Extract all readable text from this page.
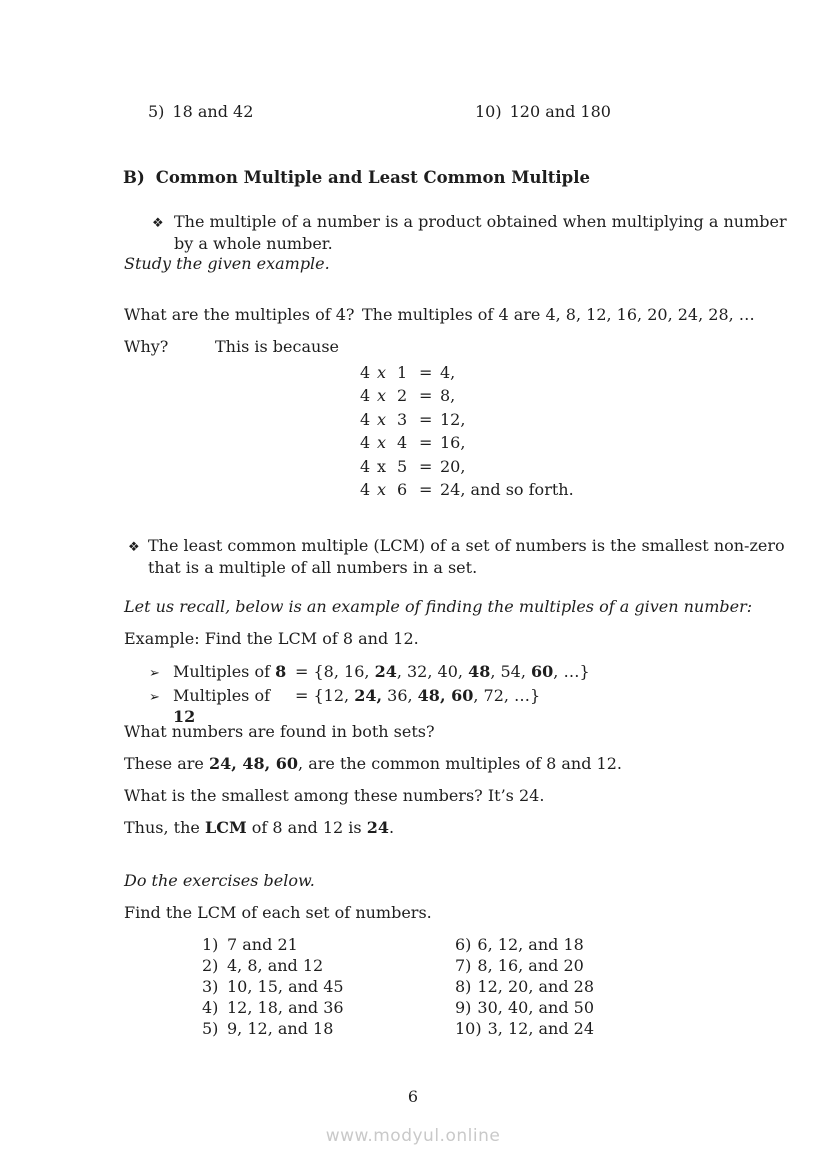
5) 18 and 42	10) 120 and 180
B) Common Multiple and Least Common Multiple
❖ The multiple of a number is a product obtained when multiplying a number
by a whole number.
Study the given example.
What are the multiples of 4? The multiples of 4 are 4, 8, 12, 16, 20, 24, 28, …
Why?	This is because
4 x 1 = 4,
4 x 2 = 8,
4 x 3 = 12,
4 x 4 = 16,
4 x 5 = 20,
4 x 6 = 24, and so forth.
❖ The least common multiple (LCM) of a set of numbers is the smallest non-zero
that is a multiple of all numbers in a set.
Let us recall, below is an example of finding the multiples of a given number:
Example: Find the LCM of 8 and 12.
➢ Multiples of 8 = {8, 16, 24, 32, 40, 48, 54, 60, …}
➢ Multiples of 12
= {12, 24, 36, 48, 60, 72, …}
What numbers are found in both sets?
These are 24, 48, 60, are the common multiples of 8 and 12.
What is the smallest among these numbers? It’s 24.
Thus, the LCM of 8 and 12 is 24.
Do the exercises below.
Find the LCM of each set of numbers.
1) 7 and 21
2) 4, 8, and 12
3) 10, 15, and 45
4) 12, 18, and 36
5) 9, 12, and 18
6) 6, 12, and 18
7) 8, 16, and 20
8) 12, 20, and 28
9) 30, 40, and 50
10) 3, 12, and 24
6
www.modyul.online
